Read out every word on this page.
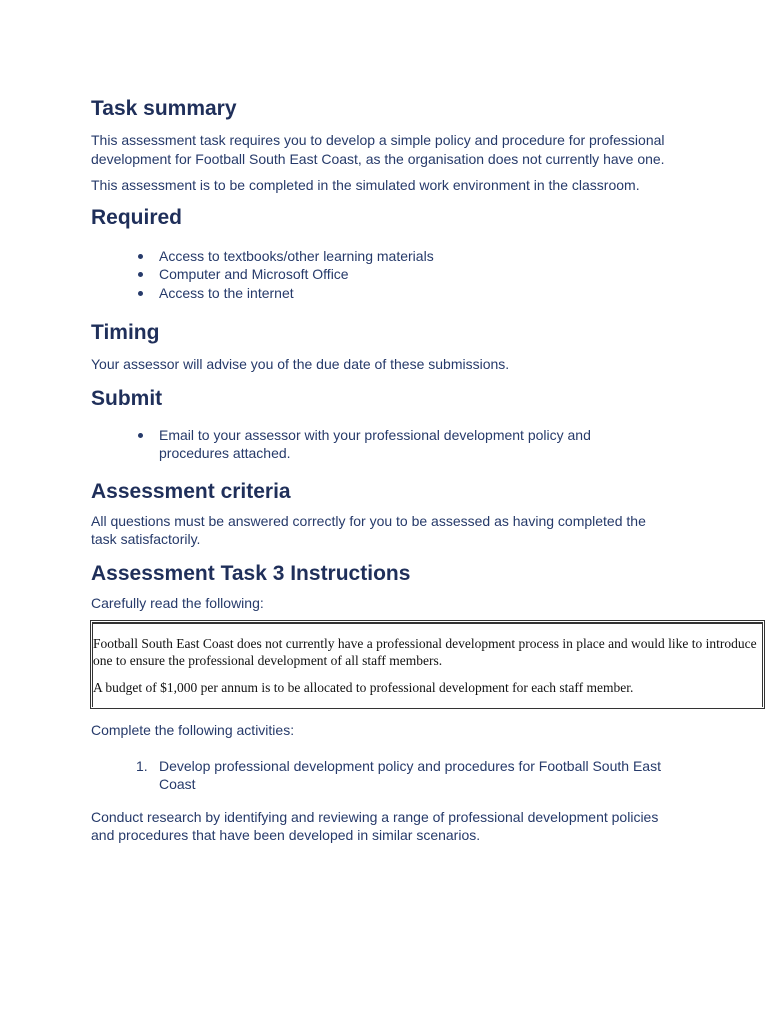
Task summary

This assessment task requires you to develop a simple policy and procedure for professional development for Football South East Coast, as the organisation does not currently have one.

This assessment is to be completed in the simulated work environment in the classroom.

Required
Access to textbooks/other learning materials
Computer and Microsoft Office
Access to the internet
Timing

Your assessor will advise you of the due date of these submissions.

Submit
Email to your assessor with your professional development policy and procedures attached.
Assessment criteria

All questions must be answered correctly for you to be assessed as having completed the task satisfactorily.

Assessment Task 3 Instructions

Carefully read the following:

Football South East Coast does not currently have a professional development process in place and would like to introduce one to ensure the professional development of all staff members.

A budget of $1,000 per annum is to be allocated to professional development for each staff member.

Complete the following activities:

1. Develop professional development policy and procedures for Football South East Coast

Conduct research by identifying and reviewing a range of professional development policies and procedures that have been developed in similar scenarios.
